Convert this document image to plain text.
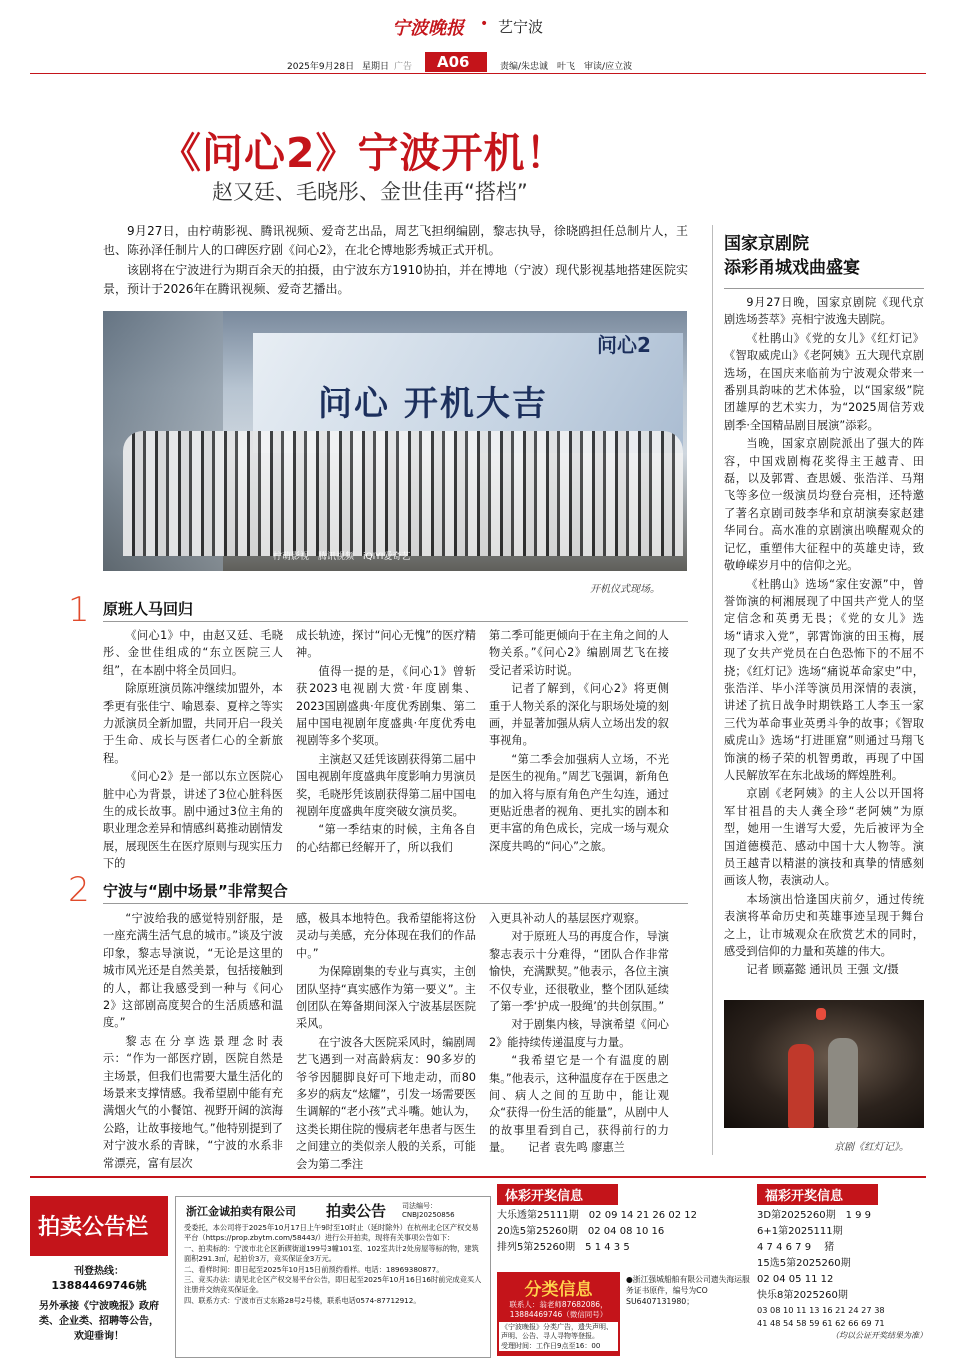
宁波晚报 • 艺宁波
2025年9月28日 星期日 广告 A06	责编/朱忠诚　叶飞　审读/应立波
《问心2》宁波开机！
赵又廷、毛晓彤、金世佳再“搭档”

9月27日，由柠萌影视、腾讯视频、爱奇艺出品，周艺飞担纲编剧，黎志执导，徐晓鸥担任总制片人，王也、陈孙泽任制片人的口碑医疗剧《问心2》，在北仑博地影秀城正式开机。

该剧将在宁波进行为期百余天的拍摄，由宁波东方1910协拍，并在博地（宁波）现代影视基地搭建医院实景，预计于2026年在腾讯视频、爱奇艺播出。

问心 开机大吉
问心2
柠萌影视　腾讯视频　iQIYI爱奇艺
开机仪式现场。
1 原班人马回归

《问心1》中，由赵又廷、毛晓彤、金世佳组成的“东立医院三人组”，在本剧中将全员回归。

除原班演员陈冲继续加盟外，本季更有张佳宁、喻恩泰、夏梓之等实力派演员全新加盟，共同开启一段关于生命、成长与医者仁心的全新旅程。

《问心2》是一部以东立医院心脏中心为背景，讲述了3位心脏科医生的成长故事。剧中通过3位主角的职业理念差异和情感纠葛推动剧情发展，展现医生在医疗原则与现实压力下的

成长轨迹，探讨“问心无愧”的医疗精神。

值得一提的是，《问心1》曾斩获2023电视剧大赏·年度剧集、2023国剧盛典·年度优秀剧集、第二届中国电视剧年度盛典·年度优秀电视剧等多个奖项。

主演赵又廷凭该剧获得第二届中国电视剧年度盛典年度影响力男演员奖，毛晓彤凭该剧获得第二届中国电视剧年度盛典年度突破女演员奖。

“第一季结束的时候，主角各自的心结都已经解开了，所以我们

第二季可能更倾向于在主角之间的人物关系。”《问心2》编剧周艺飞在接受记者采访时说。

记者了解到，《问心2》将更侧重于人物关系的深化与职场处境的刻画，并显著加强从病人立场出发的叙事视角。

“第二季会加强病人立场，不光是医生的视角。”周艺飞强调，新角色的加入将与原有角色产生勾连，通过更贴近患者的视角、更扎实的剧本和更丰富的角色成长，完成一场与观众深度共鸣的“问心”之旅。

2 宁波与“剧中场景”非常契合

“宁波给我的感觉特别舒服，是一座充满生活气息的城市。”谈及宁波印象，黎志导演说，“无论是这里的城市风光还是自然美景，包括接触到的人，都让我感受到一种与《问心2》这部剧高度契合的生活质感和温度。”

黎志在分享选景理念时表示：“作为一部医疗剧，医院自然是主场景，但我们也需要大量生活化的场景来支撑情感。我希望剧中能有充满烟火气的小餐馆、视野开阔的滨海公路，让故事接地气。”他特别提到了对宁波水系的青睐，“宁波的水系非常漂亮，富有层次

感，极具本地特色。我希望能将这份灵动与美感，充分体现在我们的作品中。”

为保障剧集的专业与真实，主创团队坚持“真实感作为第一要义”。主创团队在筹备期间深入宁波基层医院采风。

在宁波各大医院采风时，编剧周艺飞遇到一对高龄病友：90多岁的爷爷因腿脚良好可下地走动，而80多岁的病友“炫耀”，引发一场需要医生调解的“老小孩”式斗嘴。她认为，这类长期住院的慢病老年患者与医生之间建立的类似亲人般的关系，可能会为第二季注

入更具补动人的基层医疗观察。

对于原班人马的再度合作，导演黎志表示十分难得，“团队合作非常愉快，充满默契。”他表示，各位主演不仅专业，还很敬业，整个团队延续了第一季‘护成一股绳’的共创氛围。”

对于剧集内核，导演希望《问心2》能持续传递温度与力量。

“我希望它是一个有温度的剧集。”他表示，这种温度存在于医患之间、病人之间的互助中，能让观众“获得一份生活的能量”，从剧中人的故事里看到自己，获得前行的力量。　　记者 袁先鸣 廖惠兰

国家京剧院
添彩甬城戏曲盛宴

9月27日晚，国家京剧院《现代京剧选场荟萃》亮相宁波逸夫剧院。

《杜鹃山》《党的女儿》《红灯记》《智取威虎山》《老阿姨》五大现代京剧选场，在国庆来临前为宁波观众带来一番别具韵味的艺术体验，以“国家级”院团雄厚的艺术实力，为“2025周信芳戏剧季·全国精品剧目展演”添彩。

当晚，国家京剧院派出了强大的阵容，中国戏剧梅花奖得主王越青、田磊，以及郭霄、查思媛、张浩洋、马翔飞等多位一级演员均登台亮相，还特邀了著名京剧司鼓李华和京胡演奏家赵建华同台。高水准的京剧演出唤醒观众的记忆，重塑伟大征程中的英雄史诗，致敬峥嵘岁月中的信仰之光。

《杜鹃山》选场“家住安源”中，曾誉饰演的柯湘展现了中国共产党人的坚定信念和英勇无畏；《党的女儿》选场“请求入党”，郭霄饰演的田玉梅，展现了女共产党员在白色恐怖下的不屈不挠；《红灯记》选场“痛说革命家史”中，张浩洋、毕小洋等演员用深情的表演，讲述了抗日战争时期铁路工人李玉一家三代为革命事业英勇斗争的故事；《智取威虎山》选场“打进匪窟”则通过马翔飞饰演的杨子荣的机智勇敢，再现了中国人民解放军在东北战场的辉煌胜利。

京剧《老阿姨》的主人公以开国将军甘祖昌的夫人龚全珍“老阿姨”为原型，她用一生谱写大爱，先后被评为全国道德模范、感动中国十大人物等。演员王越青以精湛的演技和真挚的情感刻画该人物，表演动人。

本场演出恰逢国庆前夕，通过传统表演将革命历史和英雄事迹呈现于舞台之上，让市城观众在欣赏艺术的同时，感受到信仰的力量和英雄的伟大。

记者 顾嘉懿 通讯员 王强 文/摄

京剧《红灯记》。
拍卖公告栏
刊登热线：
13884469746姚
另外承接《宁波晚报》政府类、企业类、招聘等公告，欢迎垂询！
浙江金诚拍卖有限公司 拍卖公告 司法编号：CNBJ20250856
受委托，本公司将于2025年10月17日上午9时至10时止（延时除外）在杭州北仑区产权交易平台（https://prop.zbytm.com/58443/）进行公开拍卖，现将有关事项公告如下：
一、拍卖标的：宁波市北仑区新碶街道199号3幢101室、102室共计2处房屋等标的物，建筑面积291.3㎡，起拍价3万，竞买保证金3万元。
二、看样时间：即日起至2025年10月15日前预约看样。电话：18969380877。
三、竞买办法：请见北仑区产权交易平台公告，即日起至2025年10月16日16时前完成竞买人注册并交纳竞买保证金。
四、联系方式：宁波市百丈东路28号2号楼，联系电话0574-87712912。
体彩开奖信息
大乐透第25111期　02 09 14 21 26 02 12
20选5第25260期　02 04 08 10 16
排列5第25260期　5 1 4 3 5
分类信息
联系人：翁老师87682086，13884469746（微信同号）
《宁波晚报》分类广告，遗失声明、声明、公告、寻人寻物等登报。
受理时间：工作日9点至16：00
●浙江强城船舶有限公司遗失海运服务证书原件，编号为CO SU6407131980；
福彩开奖信息
3D第2025260期　1 9 9
6+1第2025111期
4 7 4 6 7 9 　猪
15选5第2025260期
02 04 05 11 12
快乐8第2025260期
03 08 10 11 13 16 21 24 27 38
41 48 54 58 59 61 62 66 69 71
（均以公证开奖结果为准）
